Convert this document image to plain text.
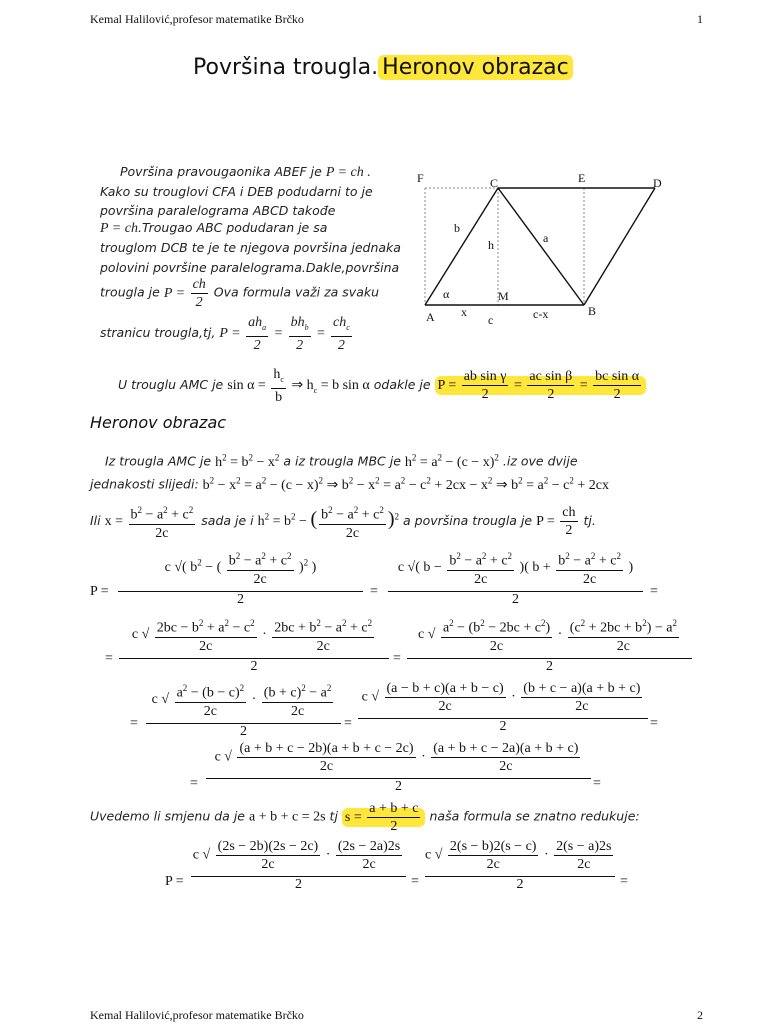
Kemal Halilović,profesor matematike Brčko	1
Površina trougla. Heronov obrazac
Površina pravougaonika ABEF je P = ch .
Kako su trouglovi CFA i DEB podudarni to je
površina paralelograma ABCD takođe
P = ch.Trougao ABC podudaran je sa
trouglom DCB te je te njegova površina jednaka
polovini površine paralelograma.Dakle,površina
trougla je $P = \frac{ch}{2}$ Ova formula važi za svaku
stranicu trougla,tj, $P = \frac{ah_a}{2} = \frac{bh_b}{2} = \frac{ch_c}{2}$
F	C	E	D
b
h	a
α	M
A x
c	c-x	B
U trouglu AMC je $\sin \alpha = \frac{h_c}{b}$ ⇒ $h_c = b$ sin α odakle je $P = \frac{\text{ab sin γ}}{2} = \frac{\text{ac sin β}}{2} = \frac{\text{bc sin α}}{2}$
Heronov obrazac
Iz trougla AMC je $h^2 = b^2 - x^2$ a iz trougla MBC je $h^2 = a^2 - (c - x)^2$ .iz ove dvije
jednakosti slijedi: $b^2 - x^2 = a^2 - (c - x)^2$ ⇒ $b^2 - x^2 = a^2 - c^2 + 2cx - x^2$ ⇒ $b^2 = a^2 - c^2 + 2cx$
Ili $x = \frac{b^2 - a^2 + c^2}{2c}$ sada je i $h^2 = b^2$ − ( $\frac{b^2 - a^2 + c^2}{2c} )^2$ a površina trougla je $P = \frac{ch}{2}$ tj.
P =
c √( $b^2$ − ( $\frac{b^2 - a^2 + c^2}{2c} )^2$ )
2
=
c √( $b - \frac{b^2 - a^2 + c^2}{2c}$ )( $b + \frac{b^2 - a^2 + c^2}{2c}$ )
2
=
=
c √ $\frac{2bc - b^2 + a^2 - c^2}{2c} \cdot \frac{2bc + b^2 - a^2 + c^2}{2c}$
2
=
c √ $\frac{a^2 - (b^2 - 2bc + c^2)}{2c} \cdot \frac{(c^2 + 2bc + b^2) - a^2}{2c}$
2
=
c √ $\frac{a^2 - (b - c)^2}{2c} \cdot \frac{(b + c)^2 - a^2}{2c}$
2
=
c √ $\frac{(a - b + c)(a + b - c)}{2c} \cdot \frac{(b + c - a)(a + b + c)}{2c}$
2	=
=
c √ $\frac{(a + b + c - 2b)(a + b + c - 2c)}{2c} \cdot \frac{(a + b + c - 2a)(a + b + c)}{2c}$
2	=
Uvedemo li smjenu da je a + b + c = 2s tj $s = \frac{a + b + c}{2}$ naša formula se znatno redukuje:
P =
c √ $\frac{(2s - 2b)(2s - 2c)}{2c} \cdot \frac{(2s - 2a)2s}{2c}$
2	=
c √ $\frac{2(s - b)2(s - c)}{2c} \cdot \frac{2(s - a)2s}{2c}$
2	=
Kemal Halilović,profesor matematike Brčko	2
